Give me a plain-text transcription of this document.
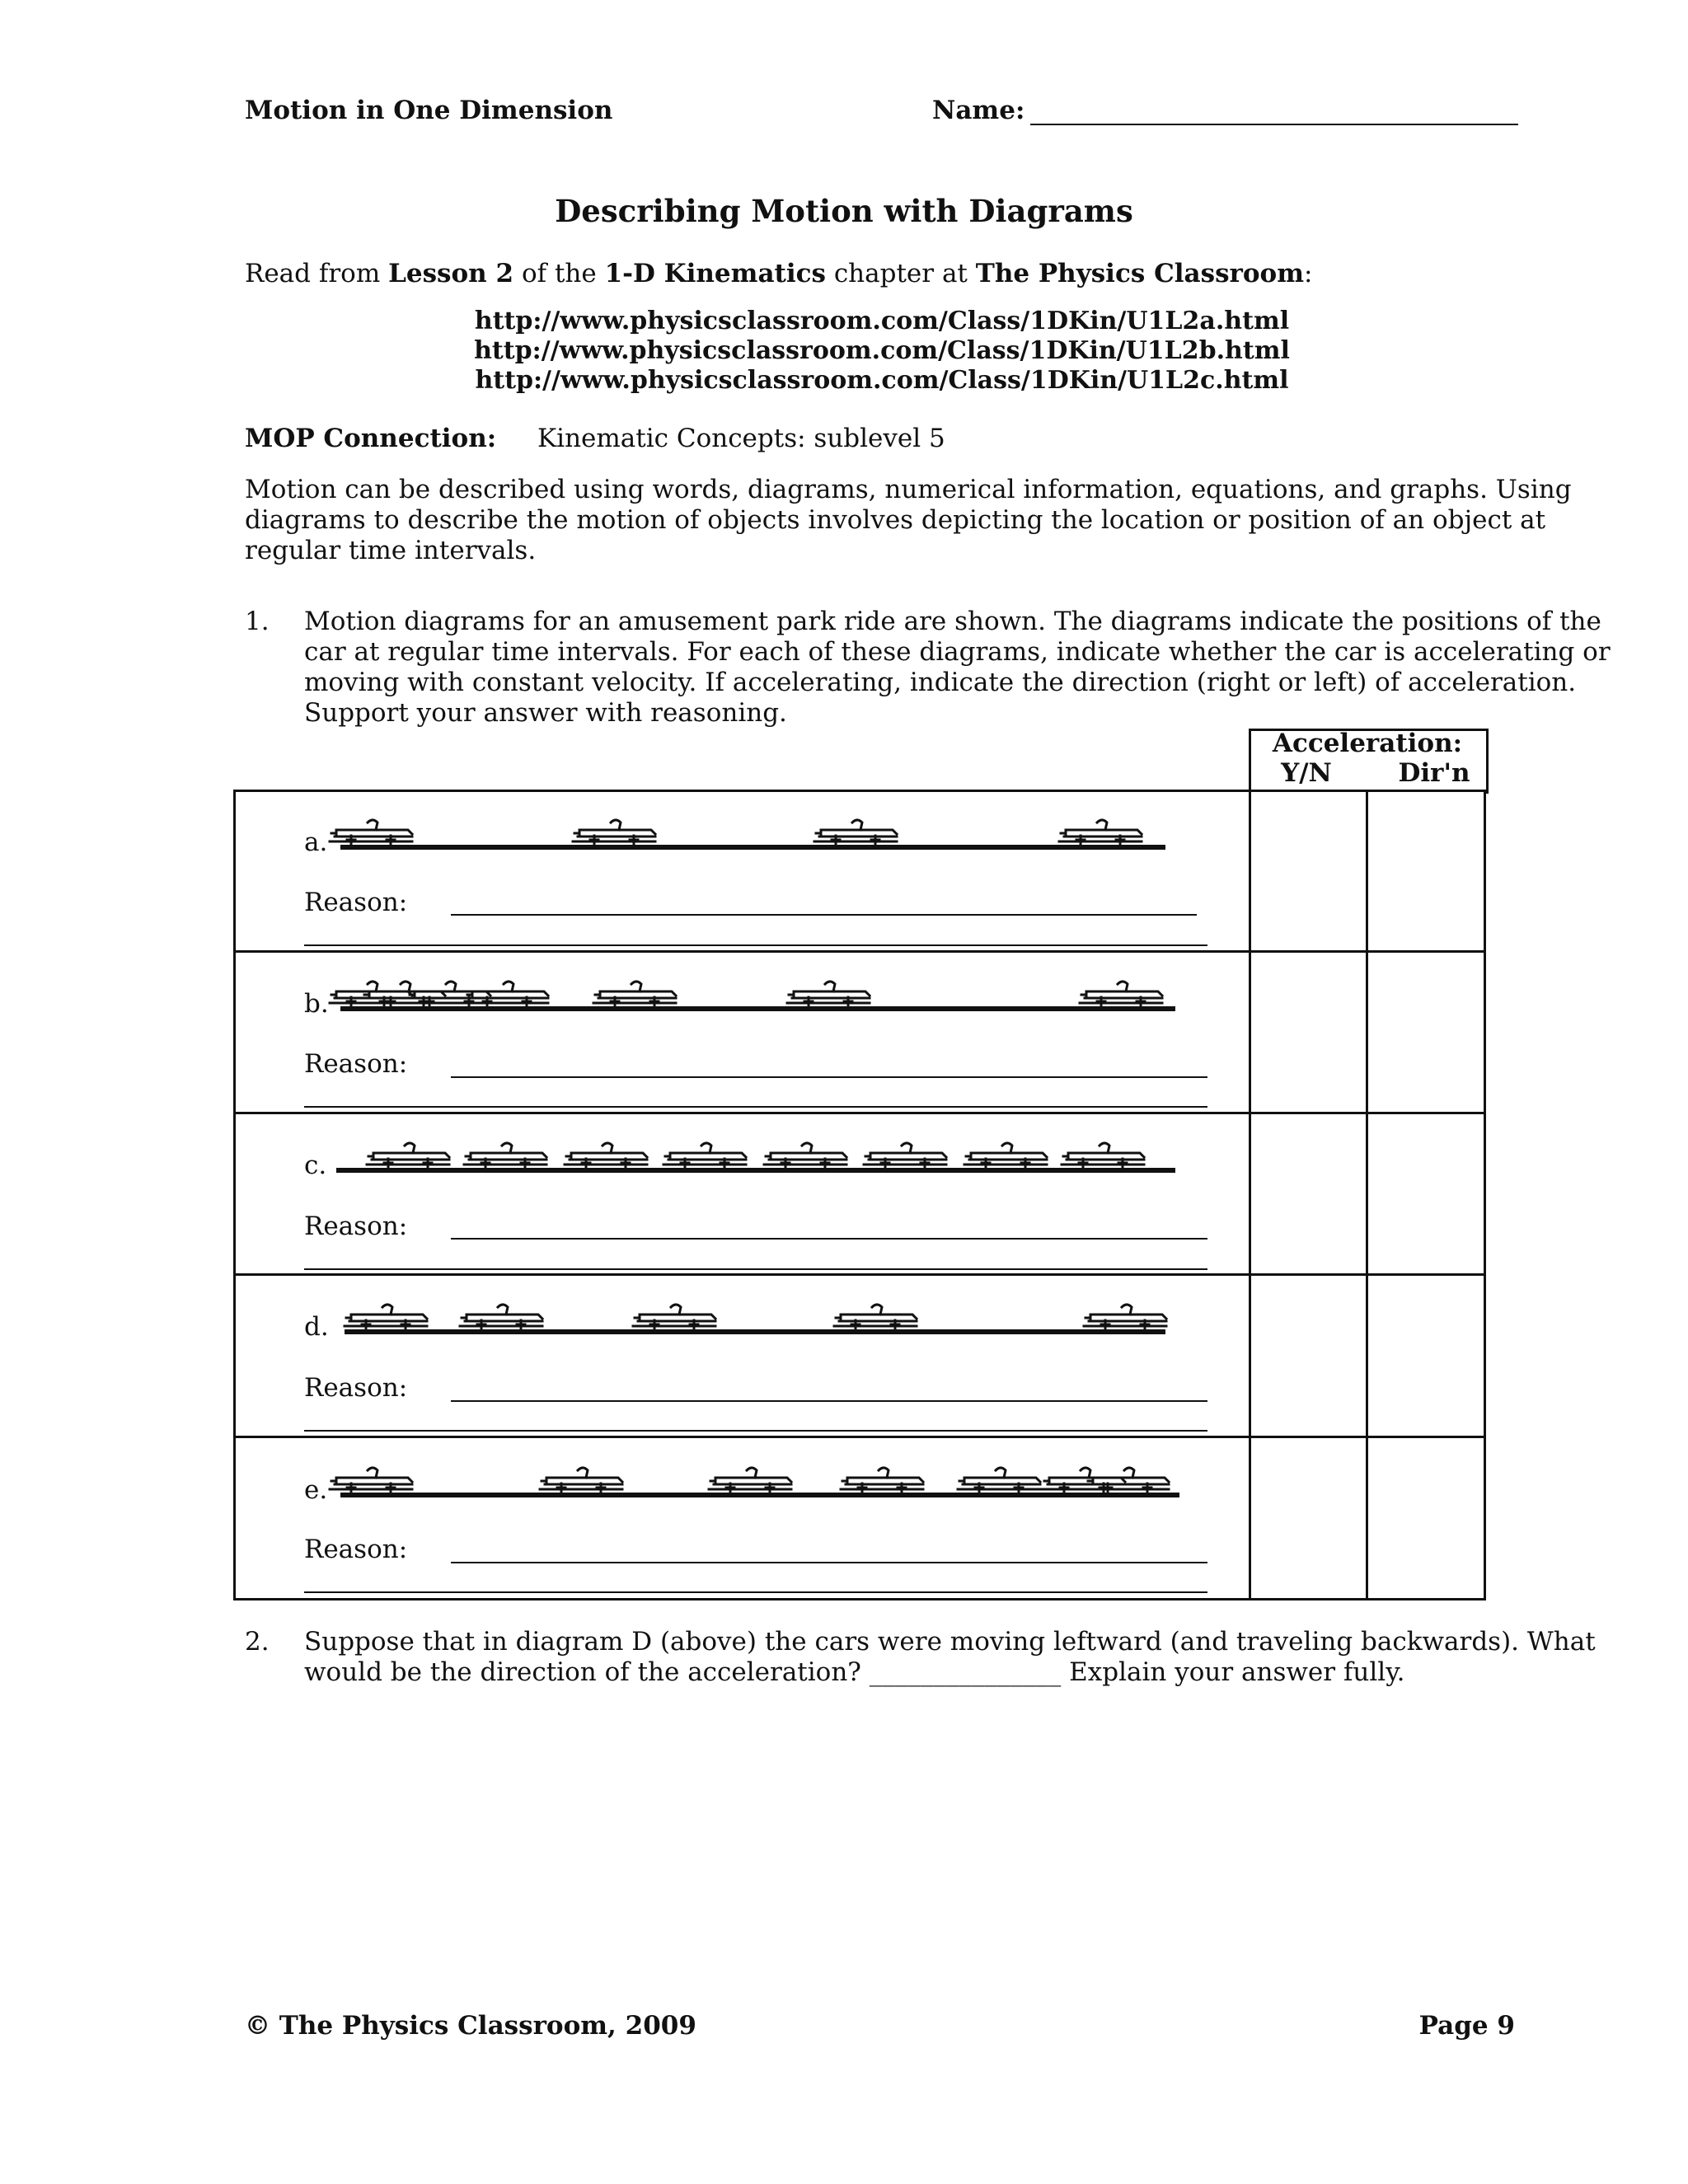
Motion in One Dimension	Name:
Describing Motion with Diagrams
Read from Lesson 2 of the 1-D Kinematics chapter at The Physics Classroom:
http://www.physicsclassroom.com/Class/1DKin/U1L2a.html
http://www.physicsclassroom.com/Class/1DKin/U1L2b.html
http://www.physicsclassroom.com/Class/1DKin/U1L2c.html
MOP Connection: Kinematic Concepts: sublevel 5
Motion can be described using words, diagrams, numerical information, equations, and graphs. Using
diagrams to describe the motion of objects involves depicting the location or position of an object at
regular time intervals.
1. Motion diagrams for an amusement park ride are shown. The diagrams indicate the positions of the
car at regular time intervals. For each of these diagrams, indicate whether the car is accelerating or
moving with constant velocity. If accelerating, indicate the direction (right or left) of acceleration.
Support your answer with reasoning.
Acceleration:
Y/N	Dir'n
a.
Reason:
b.
Reason:
c.
Reason:
d.
Reason:
e.
Reason:
2. Suppose that in diagram D (above) the cars were moving leftward (and traveling backwards). What
would be the direction of the acceleration? _______________ Explain your answer fully.
© The Physics Classroom, 2009	Page 9
